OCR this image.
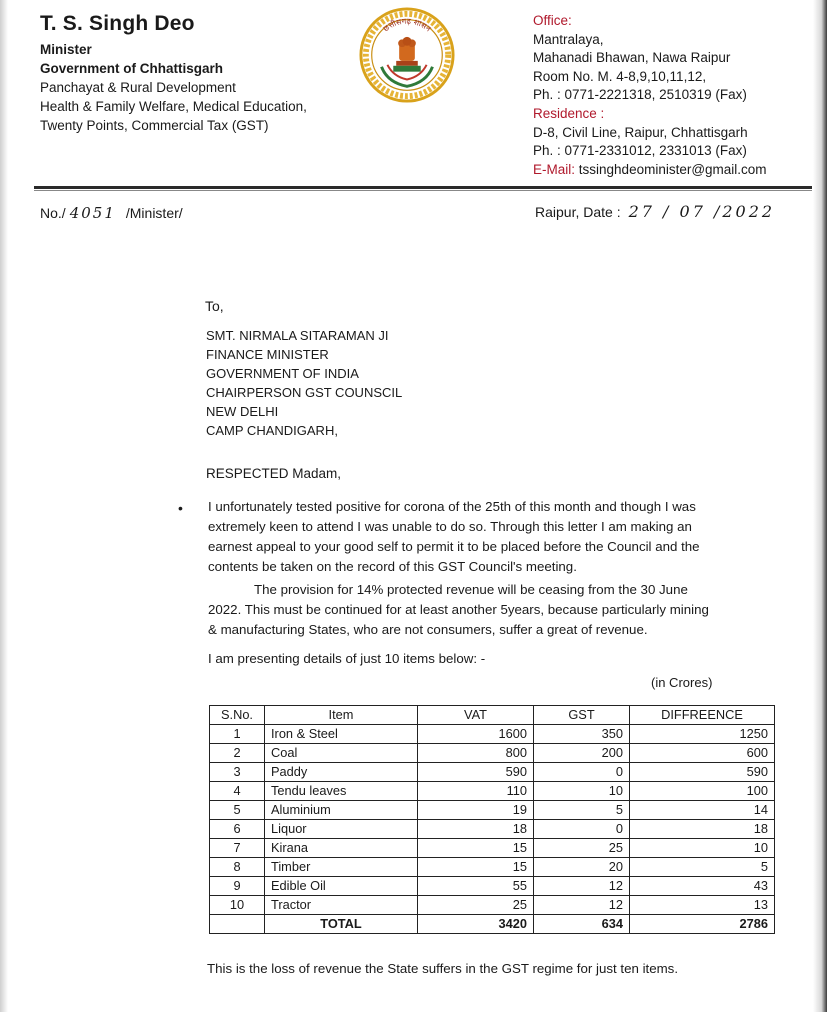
T. S. Singh Deo
Minister
Government of Chhattisgarh
Panchayat & Rural Development
Health & Family Welfare, Medical Education,
Twenty Points, Commercial Tax (GST)
छत्तीसगढ़ शासन
Office:
Mantralaya,
Mahanadi Bhawan, Nawa Raipur
Room No. M. 4-8,9,10,11,12,
Ph. : 0771-2221318, 2510319 (Fax)
Residence :
D-8, Civil Line, Raipur, Chhattisgarh
Ph. : 0771-2331012, 2331013 (Fax)
E-Mail: tssinghdeominister@gmail.com
No./ 4051 /Minister/	Raipur, Date : 27 / 07 /2022
To,
SMT. NIRMALA SITARAMAN JI
FINANCE MINISTER
GOVERNMENT OF INDIA
CHAIRPERSON GST COUNSCIL
NEW DELHI
CAMP CHANDIGARH,
RESPECTED Madam,
• I unfortunately tested positive for corona of the 25th of this month and though I was extremely keen to attend I was unable to do so. Through this letter I am making an earnest appeal to your good self to permit it to be placed before the Council and the contents be taken on the record of this GST Council's meeting.
The provision for 14% protected revenue will be ceasing from the 30 June
2022. This must be continued for at least another 5years, because particularly mining & manufacturing States, who are not consumers, suffer a great of revenue.
I am presenting details of just 10 items below: -
(in Crores)
S.No.	Item	VAT	GST	DIFFREENCE
1	Iron & Steel	1600	350	1250
2	Coal	800	200	600
3	Paddy	590	0	590
4	Tendu leaves	110	10	100
5	Aluminium	19	5	14
6	Liquor	18	0	18
7	Kirana	15	25	10
8	Timber	15	20	5
9	Edible Oil	55	12	43
10	Tractor	25	12	13
	TOTAL	3420	634	2786
This is the loss of revenue the State suffers in the GST regime for just ten items.
